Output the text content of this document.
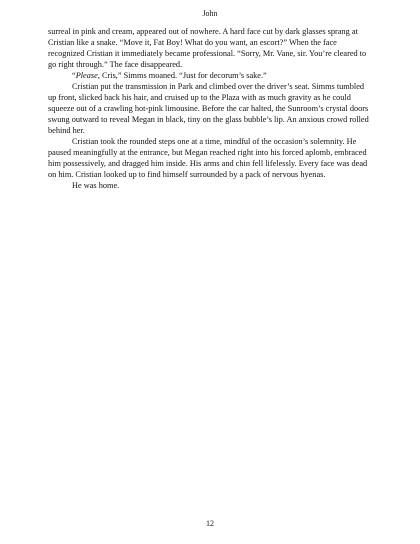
John

surreal in pink and cream, appeared out of nowhere. A hard face cut by dark glasses sprang at Cristian like a snake. “Move it, Fat Boy! What do you want, an escort?” When the face recognized Cristian it immediately became professional. “Sorry, Mr. Vane, sir. You’re cleared to go right through.” The face disappeared.

“Please, Cris,” Simms moaned. “Just for decorum’s sake.”

Cristian put the transmission in Park and climbed over the driver’s seat. Simms tumbled up front, slicked back his hair, and cruised up to the Plaza with as much gravity as he could squeeze out of a crawling hot-pink limousine. Before the car halted, the Sunroom’s crystal doors swung outward to reveal Megan in black, tiny on the glass bubble’s lip. An anxious crowd rolled behind her.

Cristian took the rounded steps one at a time, mindful of the occasion’s solemnity. He paused meaningfully at the entrance, but Megan reached right into his forced aplomb, embraced him possessively, and dragged him inside. His arms and chin fell lifelessly. Every face was dead on him. Cristian looked up to find himself surrounded by a pack of nervous hyenas.

He was home.

12
